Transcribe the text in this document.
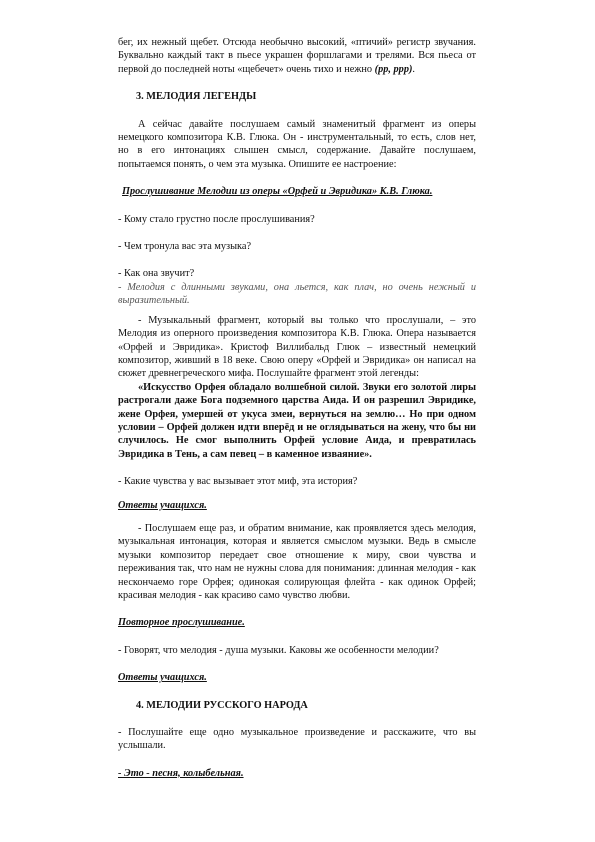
бег, их нежный щебет. Отсюда необычно высокий, «птичий» регистр звучания. Буквально каждый такт в пьесе украшен форшлагами и трелями. Вся пьеса от первой до последней ноты «щебечет» очень тихо и нежно (pp, ppp).

3. МЕЛОДИЯ ЛЕГЕНДЫ

А сейчас давайте послушаем самый знаменитый фрагмент из оперы немецкого композитора К.В. Глюка. Он - инструментальный, то есть, слов нет, но в его интонациях слышен смысл, содержание. Давайте послушаем, попытаемся понять, о чем эта музыка. Опишите ее настроение:

Прослушивание Мелодии из оперы «Орфей и Эвридика» К.В. Глюка.

- Кому стало грустно после прослушивания?

- Чем тронула вас эта музыка?

- Как она звучит?

- Мелодия с длинными звуками, она льется, как плач, но очень нежный и выразительный.

- Музыкальный фрагмент, который вы только что прослушали, – это Мелодия из оперного произведения композитора К.В. Глюка. Опера называется «Орфей и Эвридика». Кристоф Виллибальд Глюк – известный немецкий композитор, живший в 18 веке. Свою оперу «Орфей и Эвридика» он написал на сюжет древнегреческого мифа. Послушайте фрагмент этой легенды:

«Искусство Орфея обладало волшебной силой. Звуки его золотой лиры растрогали даже Бога подземного царства Аида. И он разрешил Эвридике, жене Орфея, умершей от укуса змеи, вернуться на землю… Но при одном условии – Орфей должен идти вперёд и не оглядываться на жену, что бы ни случилось. Не смог выполнить Орфей условие Аида, и превратилась Эвридика в Тень, а сам певец – в каменное изваяние».

- Какие чувства у вас вызывает этот миф, эта история?

Ответы учащихся.

- Послушаем еще раз, и обратим внимание, как проявляется здесь мелодия, музыкальная интонация, которая и является смыслом музыки. Ведь в смысле музыки композитор передает свое отношение к миру, свои чувства и переживания так, что нам не нужны слова для понимания: длинная мелодия - как нескончаемо горе Орфея; одинокая солирующая флейта - как одинок Орфей; красивая мелодия - как красиво само чувство любви.

Повторное прослушивание.

- Говорят, что мелодия - душа музыки. Каковы же особенности мелодии?

Ответы учащихся.

4. МЕЛОДИИ РУССКОГО НАРОДА

- Послушайте еще одно музыкальное произведение и расскажите, что вы услышали.

- Это - песня, колыбельная.
